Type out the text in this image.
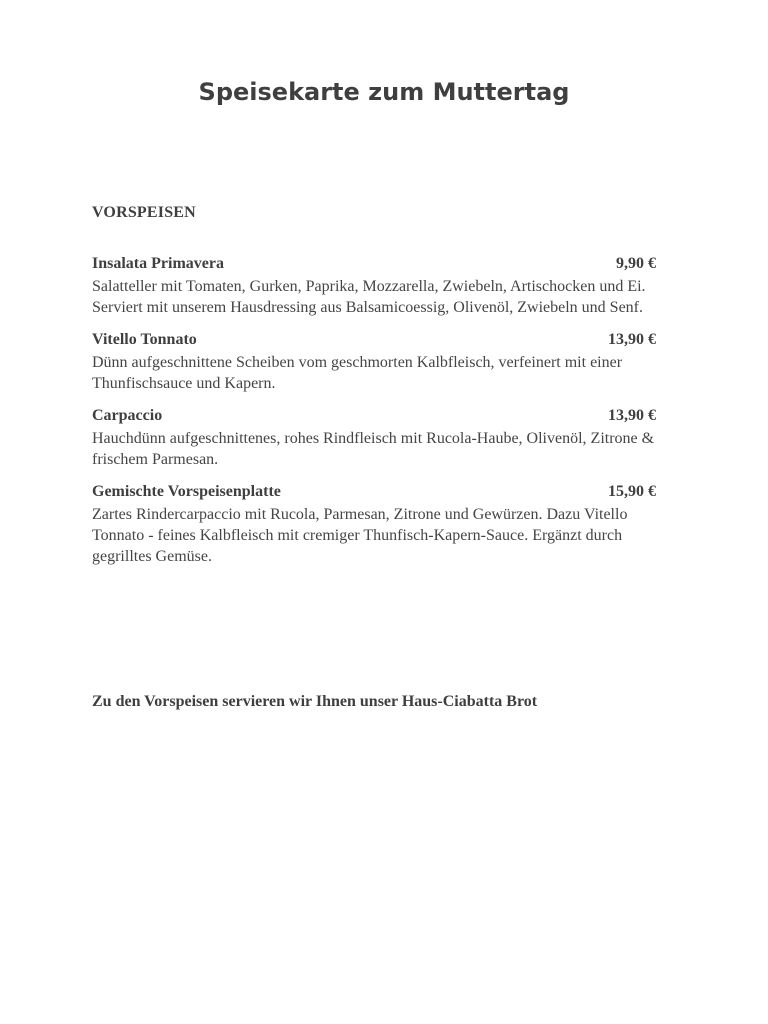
Speisekarte zum Muttertag
VORSPEISEN
Insalata Primavera	9,90 €

Salatteller mit Tomaten, Gurken, Paprika, Mozzarella, Zwiebeln, Artischocken und Ei. Serviert mit unserem Hausdressing aus Balsamicoessig, Olivenöl, Zwiebeln und Senf.

Vitello Tonnato	13,90 €

Dünn aufgeschnittene Scheiben vom geschmorten Kalbfleisch, verfeinert mit einer Thunfischsauce und Kapern.

Carpaccio	13,90 €

Hauchdünn aufgeschnittenes, rohes Rindfleisch mit Rucola-Haube, Olivenöl, Zitrone & frischem Parmesan.

Gemischte Vorspeisenplatte	15,90 €

Zartes Rindercarpaccio mit Rucola, Parmesan, Zitrone und Gewürzen. Dazu Vitello Tonnato - feines Kalbfleisch mit cremiger Thunfisch-Kapern-Sauce. Ergänzt durch gegrilltes Gemüse.

Zu den Vorspeisen servieren wir Ihnen unser Haus-Ciabatta Brot
